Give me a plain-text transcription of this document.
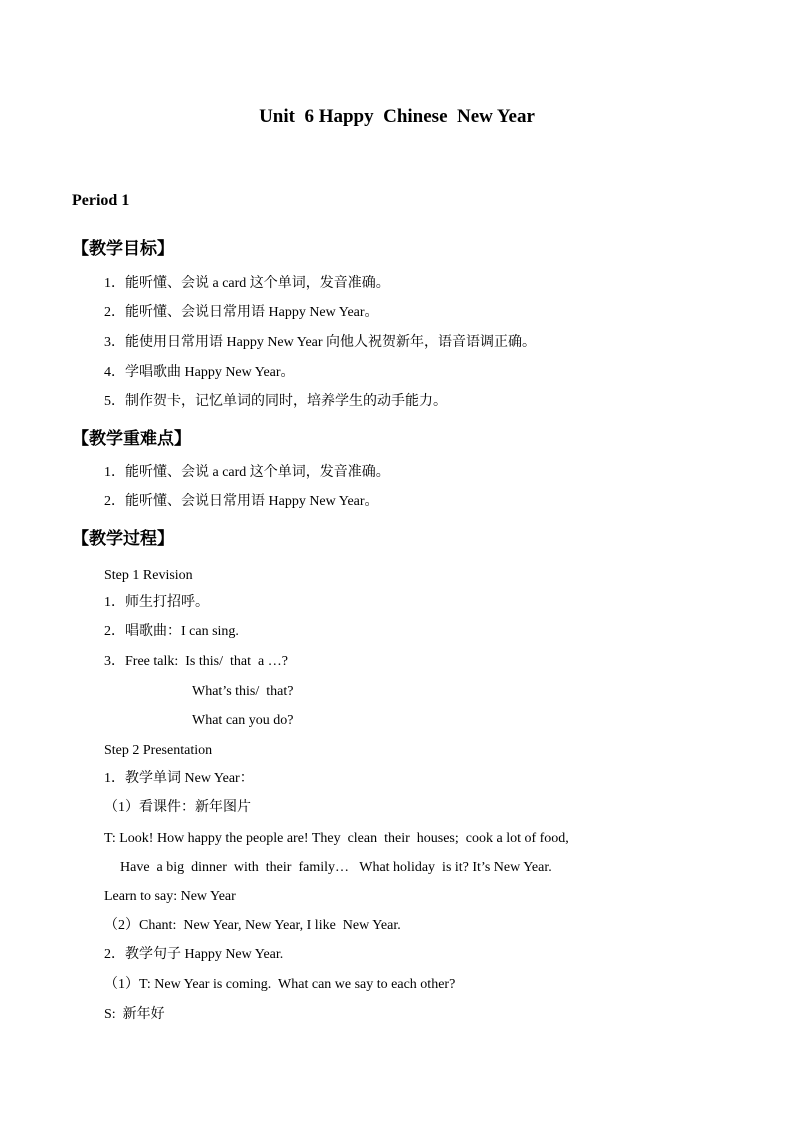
Unit  6 Happy  Chinese  New Year
Period 1
【教学目标】
1．能听懂、会说 a card 这个单词，发音准确。
2．能听懂、会说日常用语 Happy New Year。
3．能使用日常用语 Happy New Year 向他人祝贺新年，语音语调正确。
4．学唱歌曲 Happy New Year。
5．制作贺卡，记忆单词的同时，培养学生的动手能力。
【教学重难点】
1．能听懂、会说 a card 这个单词，发音准确。
2．能听懂、会说日常用语 Happy New Year。
【教学过程】
Step 1 Revision
1．师生打招呼。
2．唱歌曲：I can sing.
3．Free talk:  Is this/  that  a …?
What’s this/  that?
What can you do?
Step 2 Presentation
1．教学单词 New Year：
（1）看课件：新年图片
T: Look! How happy the people are! They  clean  their  houses;  cook a lot of food,
Have  a big  dinner  with  their  family…   What holiday  is it? It’s New Year.
Learn to say: New Year
（2）Chant:  New Year, New Year, I like  New Year.
2．教学句子 Happy New Year.
（1）T: New Year is coming.  What can we say to each other?
S:  新年好
